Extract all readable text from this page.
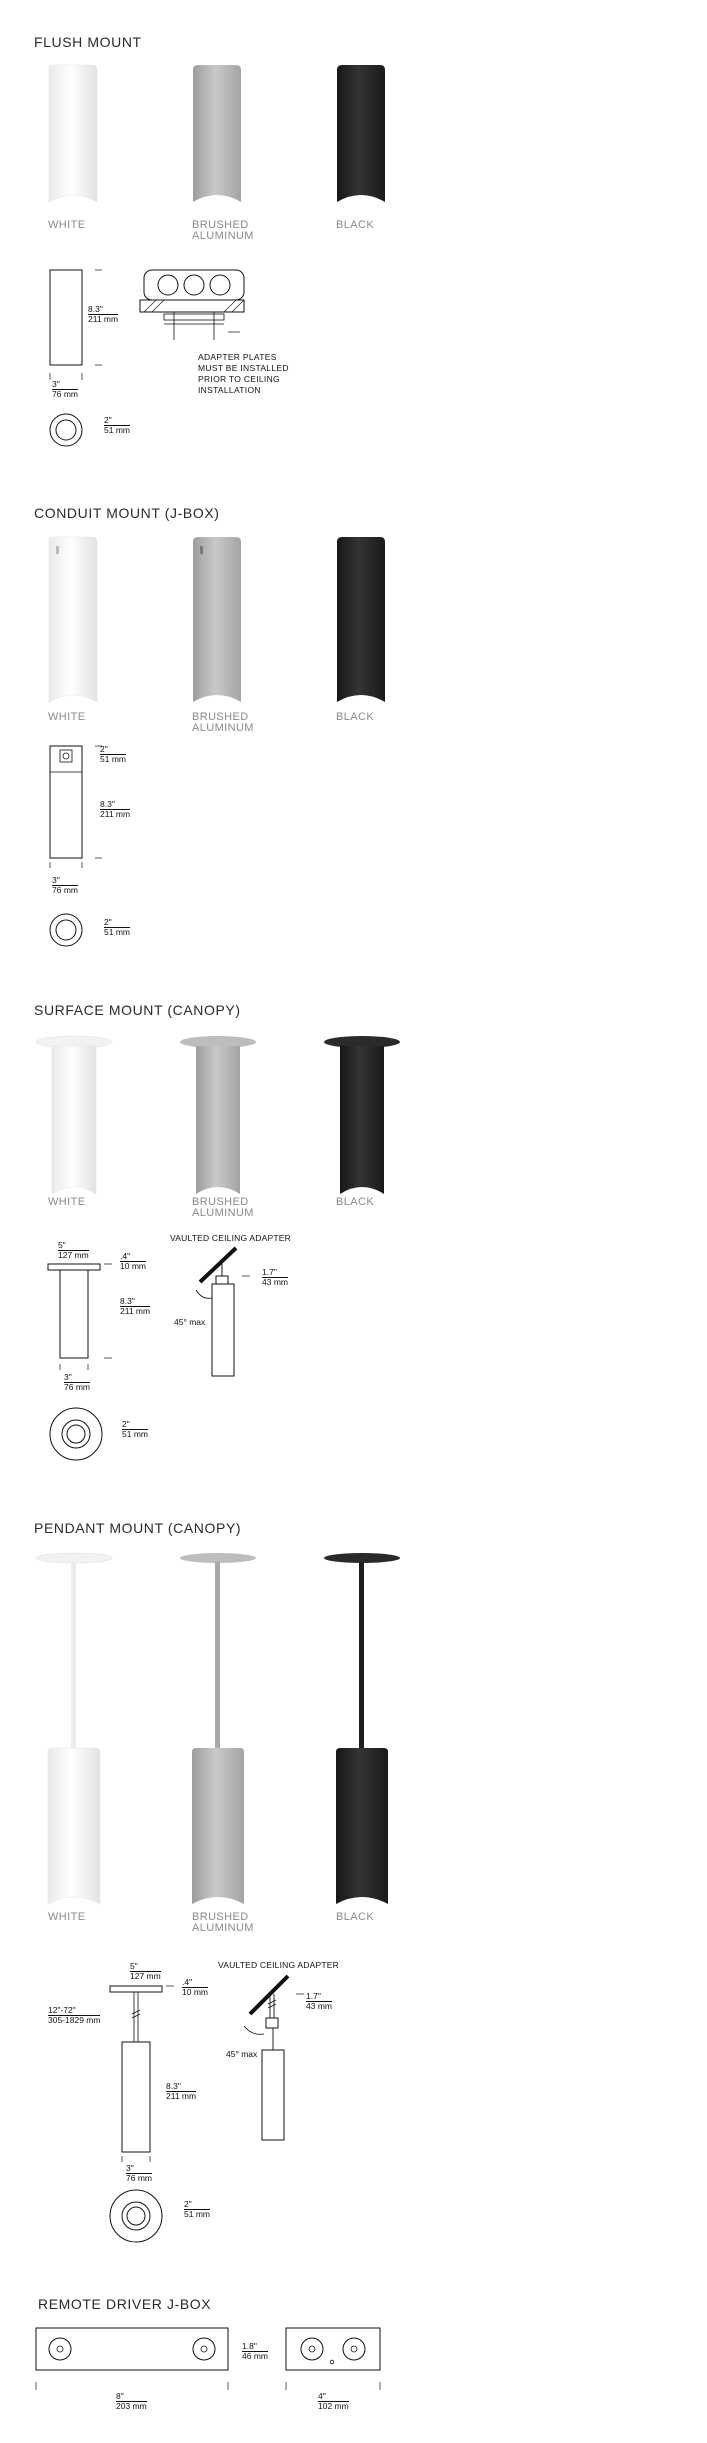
FLUSH MOUNT
WHITE	BRUSHED
ALUMINUM
BLACK
8.3"
211 mm
3"
76 mm
ADAPTER PLATES
MUST BE INSTALLED
PRIOR TO CEILING
INSTALLATION
2"
51 mm
CONDUIT MOUNT (J-BOX)
WHITE	BRUSHED
ALUMINUM
BLACK
2"
51 mm
8.3"
211 mm
3"
76 mm
2"
51 mm
SURFACE MOUNT (CANOPY)
WHITE	BRUSHED
ALUMINUM
BLACK
5"
127 mm	.4"
10 mm
8.3"
211 mm
3"
76 mm
VAULTED CEILING ADAPTER
1.7"
43 mm
45° max
2"
51 mm
PENDANT MOUNT (CANOPY)
WHITE	BRUSHED
ALUMINUM
BLACK
5"
127 mm
.4"
10 mm
12"-72"
305-1829 mm
8.3"
211 mm
3"
76 mm
VAULTED CEILING ADAPTER
1.7"
43 mm
45° max
2"
51 mm
REMOTE DRIVER J-BOX
1.8"
46 mm
8"
203 mm
4"
102 mm
